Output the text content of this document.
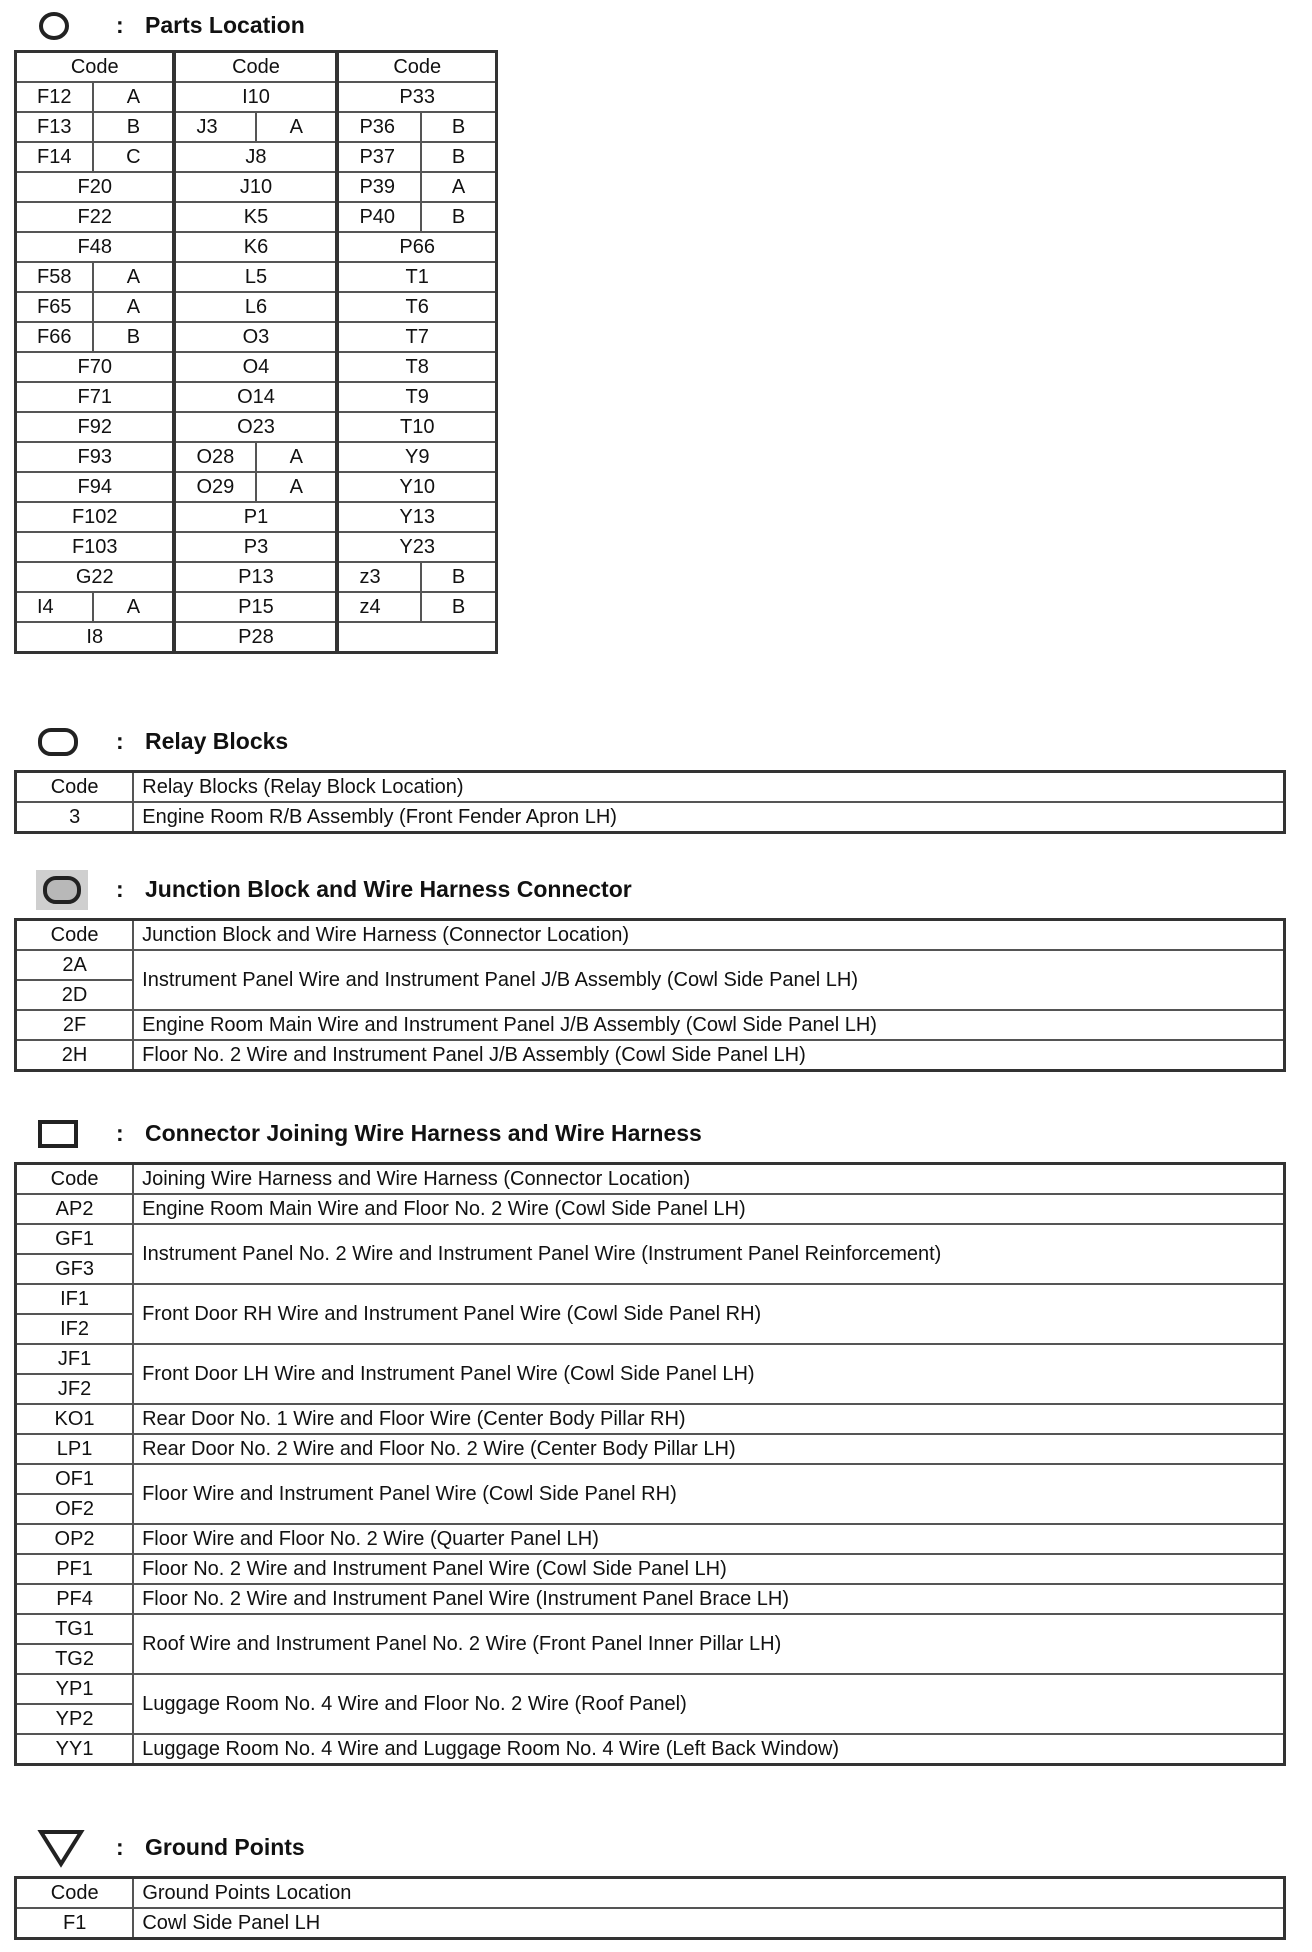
: Parts Location
Code		Code		Code	
F12	A	I10		P33	
F13	B	J3	A	P36	B
F14	C	J8		P37	B
F20		J10		P39	A
F22		K5		P40	B
F48		K6		P66	
F58	A	L5		T1	
F65	A	L6		T6	
F66	B	O3		T7	
F70		O4		T8	
F71		O14		T9	
F92		O23		T10	
F93		O28	A	Y9	
F94		O29	A	Y10	
F102		P1		Y13	
F103		P3		Y23	
G22		P13		z3	B
I4	A	P15		z4	B
I8		P28			
: Relay Blocks
Code	Relay Blocks (Relay Block Location)
3	Engine Room R/B Assembly (Front Fender Apron LH)
: Junction Block and Wire Harness Connector
Code	Junction Block and Wire Harness (Connector Location)
2A	Instrument Panel Wire and Instrument Panel J/B Assembly (Cowl Side Panel LH)
2D	
2F	Engine Room Main Wire and Instrument Panel J/B Assembly (Cowl Side Panel LH)
2H	Floor No. 2 Wire and Instrument Panel J/B Assembly (Cowl Side Panel LH)
: Connector Joining Wire Harness and Wire Harness
Code	Joining Wire Harness and Wire Harness (Connector Location)
AP2	Engine Room Main Wire and Floor No. 2 Wire (Cowl Side Panel LH)
GF1	Instrument Panel No. 2 Wire and Instrument Panel Wire (Instrument Panel Reinforcement)
GF3	
IF1	Front Door RH Wire and Instrument Panel Wire (Cowl Side Panel RH)
IF2	
JF1	Front Door LH Wire and Instrument Panel Wire (Cowl Side Panel LH)
JF2	
KO1	Rear Door No. 1 Wire and Floor Wire (Center Body Pillar RH)
LP1	Rear Door No. 2 Wire and Floor No. 2 Wire (Center Body Pillar LH)
OF1	Floor Wire and Instrument Panel Wire (Cowl Side Panel RH)
OF2	
OP2	Floor Wire and Floor No. 2 Wire (Quarter Panel LH)
PF1	Floor No. 2 Wire and Instrument Panel Wire (Cowl Side Panel LH)
PF4	Floor No. 2 Wire and Instrument Panel Wire (Instrument Panel Brace LH)
TG1	Roof Wire and Instrument Panel No. 2 Wire (Front Panel Inner Pillar LH)
TG2	
YP1	Luggage Room No. 4 Wire and Floor No. 2 Wire (Roof Panel)
YP2	
YY1	Luggage Room No. 4 Wire and Luggage Room No. 4 Wire (Left Back Window)
: Ground Points
Code	Ground Points Location
F1	Cowl Side Panel LH
